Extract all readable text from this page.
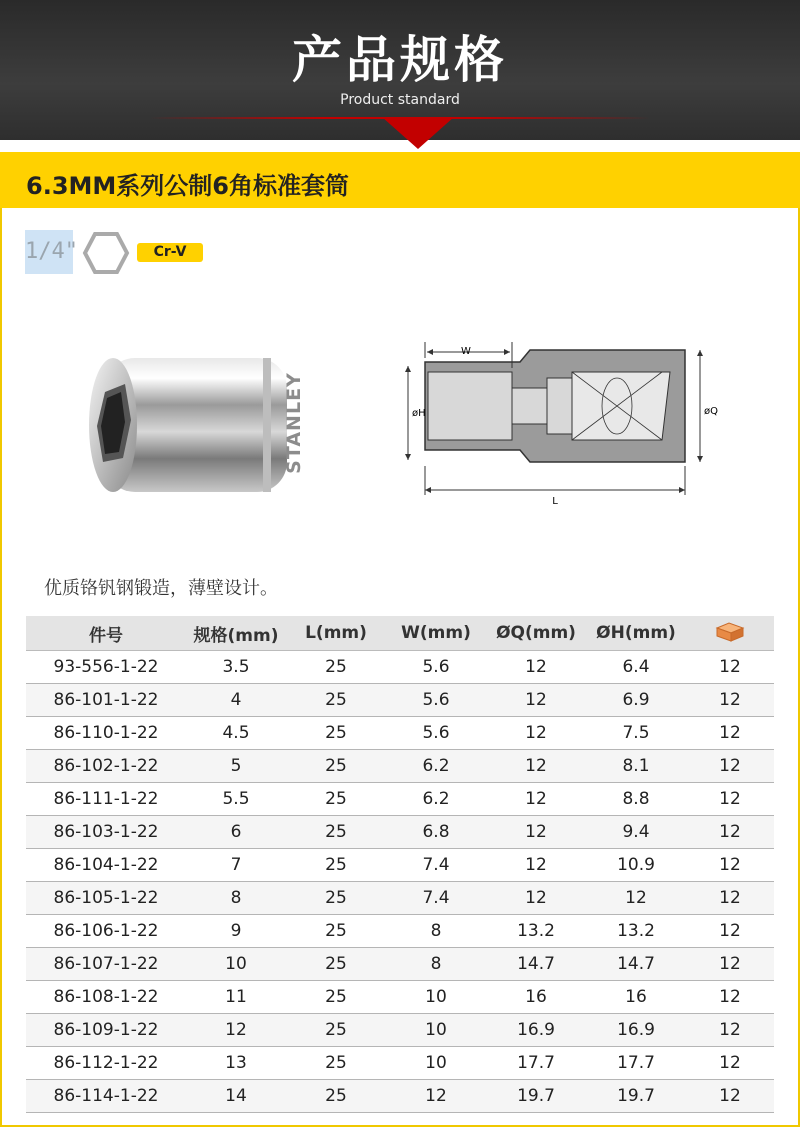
产品规格
Product standard
6.3MM系列公制6角标准套筒
1/4"	Cr-V
STANLEY
W
øH	øQ
L
优质铬钒钢锻造，薄壁设计。
件号	规格(mm)	L(mm)	W(mm)	ØQ(mm)	ØH(mm)	
93-556-1-22	3.5	25	5.6	12	6.4	12
86-101-1-22	4	25	5.6	12	6.9	12
86-110-1-22	4.5	25	5.6	12	7.5	12
86-102-1-22	5	25	6.2	12	8.1	12
86-111-1-22	5.5	25	6.2	12	8.8	12
86-103-1-22	6	25	6.8	12	9.4	12
86-104-1-22	7	25	7.4	12	10.9	12
86-105-1-22	8	25	7.4	12	12	12
86-106-1-22	9	25	8	13.2	13.2	12
86-107-1-22	10	25	8	14.7	14.7	12
86-108-1-22	11	25	10	16	16	12
86-109-1-22	12	25	10	16.9	16.9	12
86-112-1-22	13	25	10	17.7	17.7	12
86-114-1-22	14	25	12	19.7	19.7	12
